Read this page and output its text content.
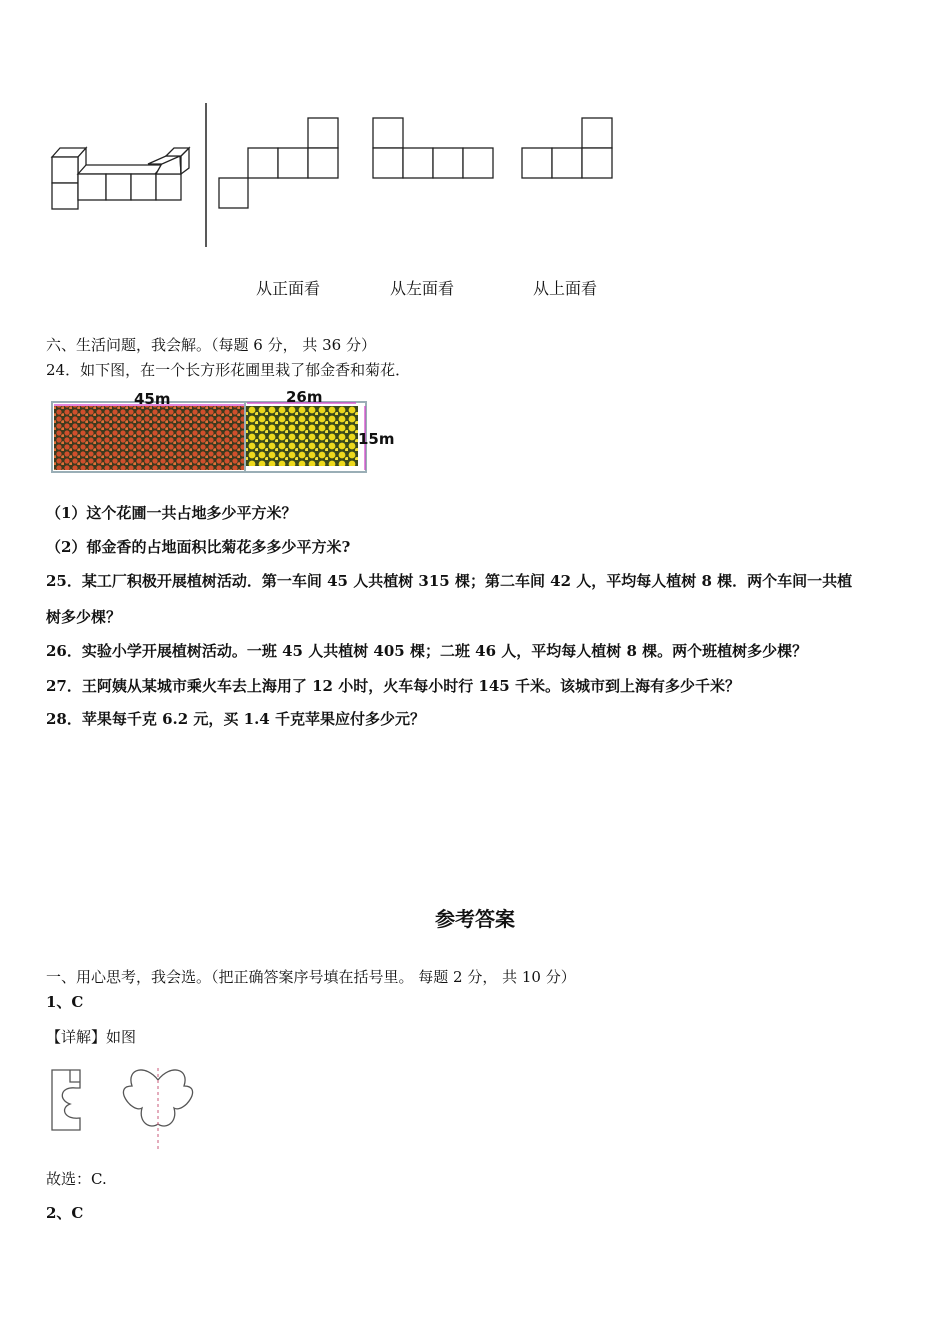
从正面看	从左面看	从上面看
六、生活问题，我会解。（每题 6 分， 共 36 分）
24．如下图，在一个长方形花圃里栽了郁金香和菊花．
45m	26m
15m
（1）这个花圃一共占地多少平方米？
（2）郁金香的占地面积比菊花多多少平方米?
25．某工厂积极开展植树活动．第一车间 45 人共植树 315 棵；第二车间 42 人，平均每人植树 8 棵．两个车间一共植
树多少棵？
26．实验小学开展植树活动。一班 45 人共植树 405 棵；二班 46 人，平均每人植树 8 棵。两个班植树多少棵？
27．王阿姨从某城市乘火车去上海用了 12 小时，火车每小时行 145 千米。该城市到上海有多少千米？
28．苹果每千克 6.2 元，买 1.4 千克苹果应付多少元？
参考答案
一、用心思考，我会选。（把正确答案序号填在括号里。 每题 2 分， 共 10 分）
1、C
【详解】如图
故选：C.
2、C
